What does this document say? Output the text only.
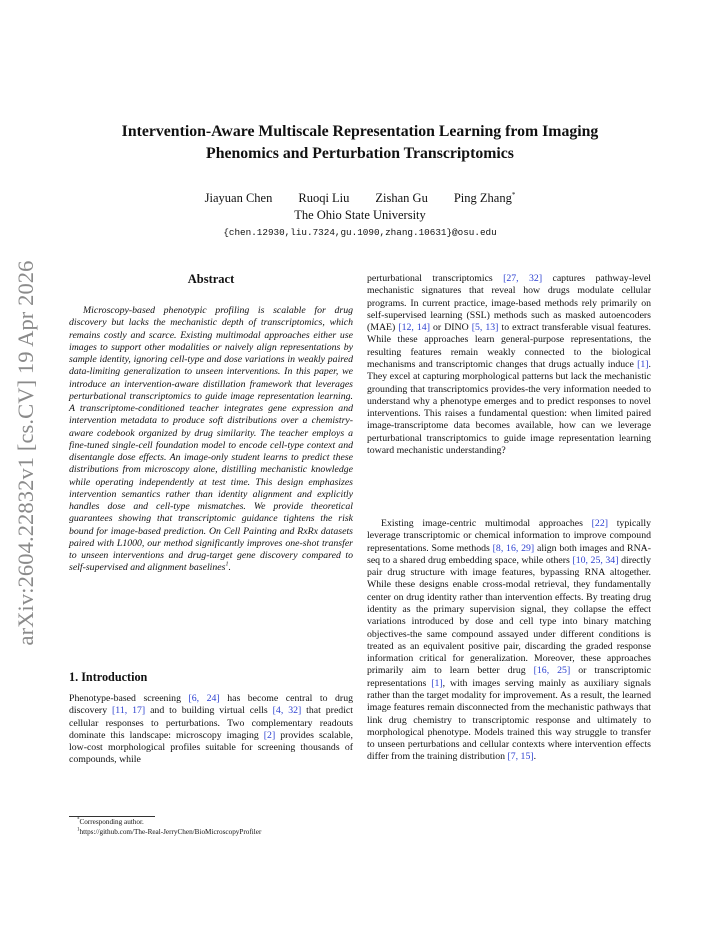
arXiv:2604.22832v1 [cs.CV] 19 Apr 2026
Intervention-Aware Multiscale Representation Learning from Imaging
Phenomics and Perturbation Transcriptomics
Jiayuan Chen Ruoqi Liu Zishan Gu Ping Zhang*
The Ohio State University
{chen.12930,liu.7324,gu.1090,zhang.10631}@osu.edu
Abstract
Microscopy-based phenotypic profiling is scalable for drug discovery but lacks the mechanistic depth of transcriptomics, which remains costly and scarce. Existing multimodal approaches either use images to support other modalities or naively align representations by sample identity, ignoring cell-type and dose variations in weakly paired data-limiting generalization to unseen interventions. In this paper, we introduce an intervention-aware distillation framework that leverages perturbational transcriptomics to guide image representation learning. A transcriptome-conditioned teacher integrates gene expression and intervention metadata to produce soft distributions over a chemistry-aware codebook organized by drug similarity. The teacher employs a fine-tuned single-cell foundation model to encode cell-type context and disentangle dose effects. An image-only student learns to predict these distributions from microscopy alone, distilling mechanistic knowledge while operating independently at test time. This design emphasizes intervention semantics rather than identity alignment and explicitly handles dose and cell-type mismatches. We provide theoretical guarantees showing that transcriptomic guidance tightens the risk bound for image-based prediction. On Cell Painting and RxRx datasets paired with L1000, our method significantly improves one-shot transfer to unseen interventions and drug-target gene discovery compared to self-supervised and alignment baselines$^1$.
1. Introduction
Phenotype-based screening [6, 24] has become central to drug discovery [11, 17] and to building virtual cells [4, 32] that predict cellular responses to perturbations. Two complementary readouts dominate this landscape: microscopy imaging [2] provides scalable, low-cost morphological profiles suitable for screening thousands of compounds, while
*Corresponding author.
$^1$https://github.com/The-Real-JerryChen/BioMicroscopyProfiler
perturbational transcriptomics [27, 32] captures pathway-level mechanistic signatures that reveal how drugs modulate cellular programs. In current practice, image-based methods rely primarily on self-supervised learning (SSL) methods such as masked autoencoders (MAE) [12, 14] or DINO [5, 13] to extract transferable visual features. While these approaches learn general-purpose representations, the resulting features remain weakly connected to the biological mechanisms and transcriptomic changes that drugs actually induce [1]. They excel at capturing morphological patterns but lack the mechanistic grounding that transcriptomics provides-the very information needed to understand why a phenotype emerges and to predict responses to novel interventions. This raises a fundamental question: when limited paired image-transcriptome data becomes available, how can we leverage perturbational transcriptomics to guide image representation learning toward mechanistic understanding?
Existing image-centric multimodal approaches [22] typically leverage transcriptomic or chemical information to improve compound representations. Some methods [8, 16, 29] align both images and RNA-seq to a shared drug embedding space, while others [10, 25, 34] directly pair drug structure with image features, bypassing RNA altogether. While these designs enable cross-modal retrieval, they fundamentally center on drug identity rather than intervention effects. By treating drug identity as the primary supervision signal, they collapse the effect variations introduced by dose and cell type into binary matching objectives-the same compound assayed under different conditions is treated as an equivalent positive pair, discarding the graded response information critical for generalization. Moreover, these approaches primarily aim to learn better drug [16, 25] or transcriptomic representations [1], with images serving mainly as auxiliary signals rather than the target modality for improvement. As a result, the learned image features remain disconnected from the mechanistic pathways that link drug chemistry to transcriptomic response and ultimately to morphological phenotype. Models trained this way struggle to transfer to unseen perturbations and cellular contexts where intervention effects differ from the training distribution [7, 15].
